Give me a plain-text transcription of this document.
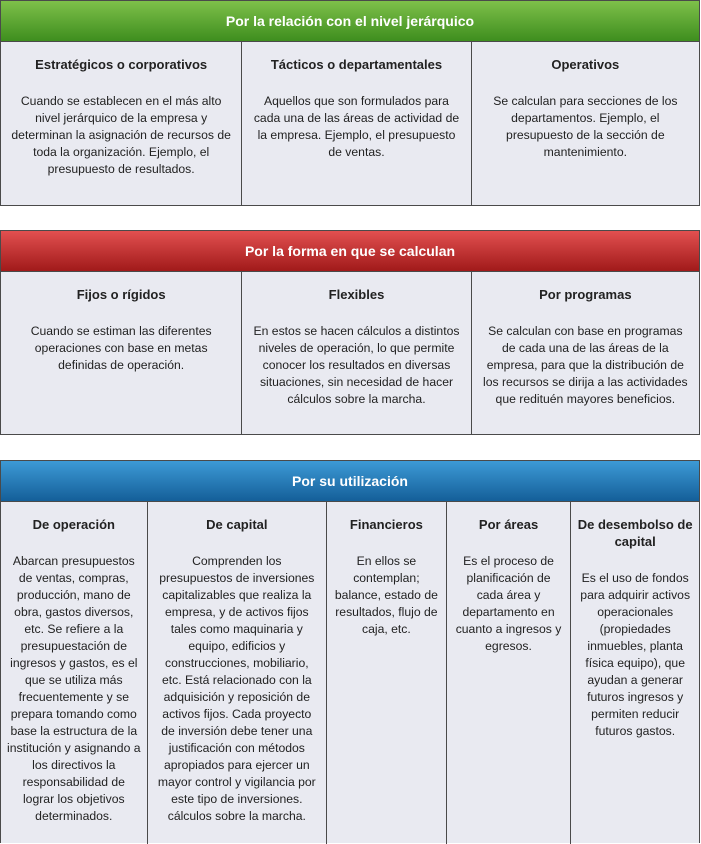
Por la relación con el nivel jerárquico
Estratégicos o corporativos

Cuando se establecen en el más alto nivel jerárquico de la empresa y determinan la asignación de recursos de toda la organización. Ejemplo, el presupuesto de resultados.

Tácticos o departamentales

Aquellos que son formulados para cada una de las áreas de actividad de la empresa. Ejemplo, el presupuesto de ventas.

Operativos

Se calculan para secciones de los departamentos. Ejemplo, el presupuesto de la sección de mantenimiento.

Por la forma en que se calculan
Fijos o rígidos

Cuando se estiman las diferentes operaciones con base en metas definidas de operación.

Flexibles

En estos se hacen cálculos a distintos niveles de operación, lo que permite conocer los resultados en diversas situaciones, sin necesidad de hacer cálculos sobre la marcha.

Por programas

Se calculan con base en programas de cada una de las áreas de la empresa, para que la distribución de los recursos se dirija a las actividades que redituén mayores beneficios.

Por su utilización
De operación

Abarcan presupuestos de ventas, compras, producción, mano de obra, gastos diversos, etc. Se refiere a la presupuestación de ingresos y gastos, es el que se utiliza más frecuentemente y se prepara tomando como base la estructura de la institución y asignando a los directivos la responsabilidad de lograr los objetivos determinados.

De capital

Comprenden los presupuestos de inversiones capitalizables que realiza la empresa, y de activos fijos tales como maquinaria y equipo, edificios y construcciones, mobiliario, etc. Está relacionado con la adquisición y reposición de activos fijos. Cada proyecto de inversión debe tener una justificación con métodos apropiados para ejercer un mayor control y vigilancia por este tipo de inversiones. cálculos sobre la marcha.

Financieros

En ellos se contemplan; balance, estado de resultados, flujo de caja, etc.

Por áreas

Es el proceso de planificación de cada área y departamento en cuanto a ingresos y egresos.

De desembolso de capital

Es el uso de fondos para adquirir activos operacionales (propiedades inmuebles, planta física equipo), que ayudan a generar futuros ingresos y permiten reducir futuros gastos.
